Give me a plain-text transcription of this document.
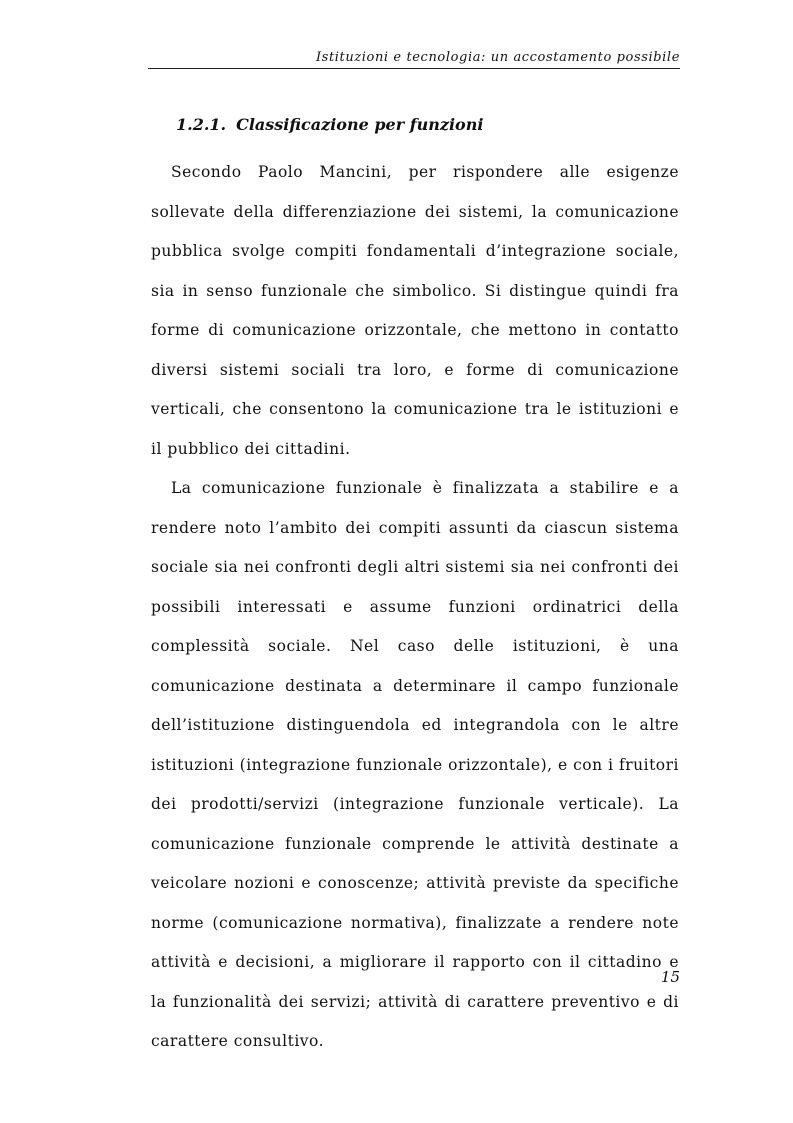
Istituzioni e tecnologia: un accostamento possibile
1.2.1. Classificazione per funzioni

Secondo Paolo Mancini, per rispondere alle esigenze sollevate della differenziazione dei sistemi, la comunicazione pubblica svolge compiti fondamentali d’integrazione sociale, sia in senso funzionale che simbolico. Si distingue quindi fra forme di comunicazione orizzontale, che mettono in contatto diversi sistemi sociali tra loro, e forme di comunicazione verticali, che consentono la comunicazione tra le istituzioni e il pubblico dei cittadini.

La comunicazione funzionale è finalizzata a stabilire e a rendere noto l’ambito dei compiti assunti da ciascun sistema sociale sia nei confronti degli altri sistemi sia nei confronti dei possibili interessati e assume funzioni ordinatrici della complessità sociale. Nel caso delle istituzioni, è una comunicazione destinata a determinare il campo funzionale dell’istituzione distinguendola ed integrandola con le altre istituzioni (integrazione funzionale orizzontale), e con i fruitori dei prodotti/servizi (integrazione funzionale verticale). La comunicazione funzionale comprende le attività destinate a veicolare nozioni e conoscenze; attività previste da specifiche norme (comunicazione normativa), finalizzate a rendere note attività e decisioni, a migliorare il rapporto con il cittadino e la funzionalità dei servizi; attività di carattere preventivo e di carattere consultivo.

15
